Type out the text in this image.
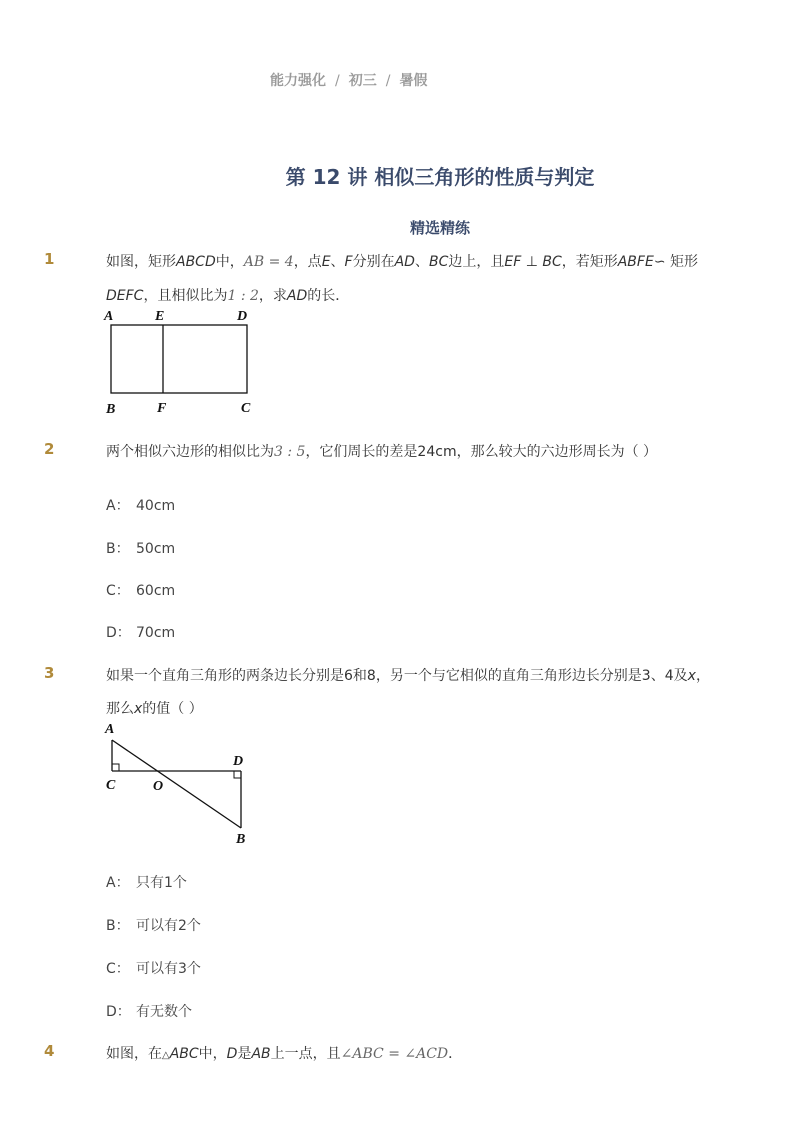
能力强化 / 初三 / 暑假
第 12 讲 相似三角形的性质与判定
精选精练
1	如图，矩形ABCD中，AB = 4，点E、F分别在AD、BC边上，且EF ⊥ BC，若矩形ABFE∽ 矩形
DEFC，且相似比为1 : 2，求AD的长．
A	E	D
B	F	C
2	两个相似六边形的相似比为3 : 5，它们周长的差是24cm，那么较大的六边形周长为（ ）
A： 40cm
B： 50cm
C： 60cm
D： 70cm
3	如果一个直角三角形的两条边长分别是6和8，另一个与它相似的直角三角形边长分别是3、4及x，
那么x的值（ ）
A
C	O
D
B
A： 只有1个
B： 可以有2个
C： 可以有3个
D： 有无数个
4	如图，在△ABC中，D是AB上一点，且∠ABC = ∠ACD．
